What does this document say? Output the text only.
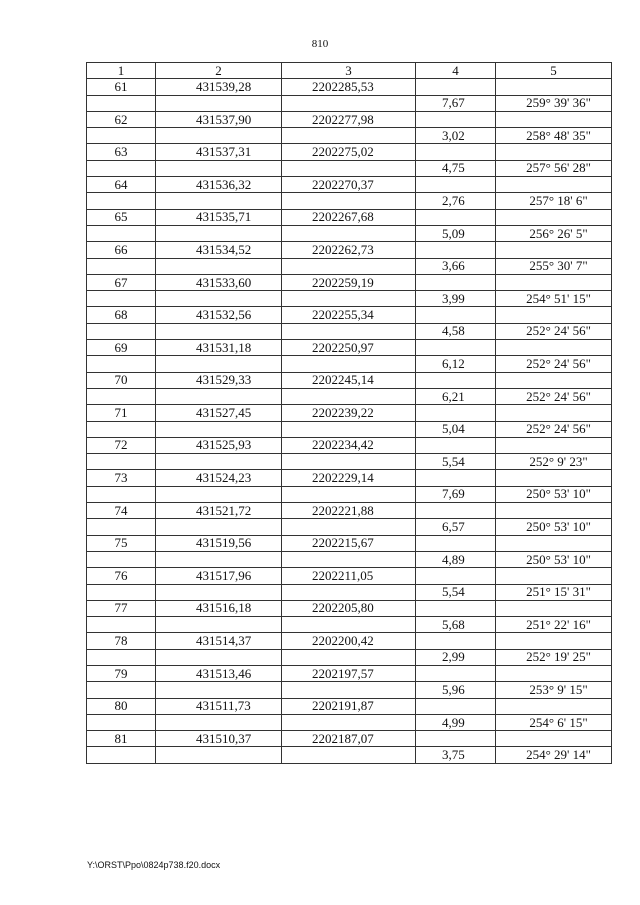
810
1	2	3	4	5
61	431539,28	2202285,53		
			7,67	259° 39' 36"
62	431537,90	2202277,98		
			3,02	258° 48' 35"
63	431537,31	2202275,02		
			4,75	257° 56' 28"
64	431536,32	2202270,37		
			2,76	257° 18' 6"
65	431535,71	2202267,68		
			5,09	256° 26' 5"
66	431534,52	2202262,73		
			3,66	255° 30' 7"
67	431533,60	2202259,19		
			3,99	254° 51' 15"
68	431532,56	2202255,34		
			4,58	252° 24' 56"
69	431531,18	2202250,97		
			6,12	252° 24' 56"
70	431529,33	2202245,14		
			6,21	252° 24' 56"
71	431527,45	2202239,22		
			5,04	252° 24' 56"
72	431525,93	2202234,42		
			5,54	252° 9' 23"
73	431524,23	2202229,14		
			7,69	250° 53' 10"
74	431521,72	2202221,88		
			6,57	250° 53' 10"
75	431519,56	2202215,67		
			4,89	250° 53' 10"
76	431517,96	2202211,05		
			5,54	251° 15' 31"
77	431516,18	2202205,80		
			5,68	251° 22' 16"
78	431514,37	2202200,42		
			2,99	252° 19' 25"
79	431513,46	2202197,57		
			5,96	253° 9' 15"
80	431511,73	2202191,87		
			4,99	254° 6' 15"
81	431510,37	2202187,07		
			3,75	254° 29' 14"
Y:\ORST\Ppo\0824p738.f20.docx
